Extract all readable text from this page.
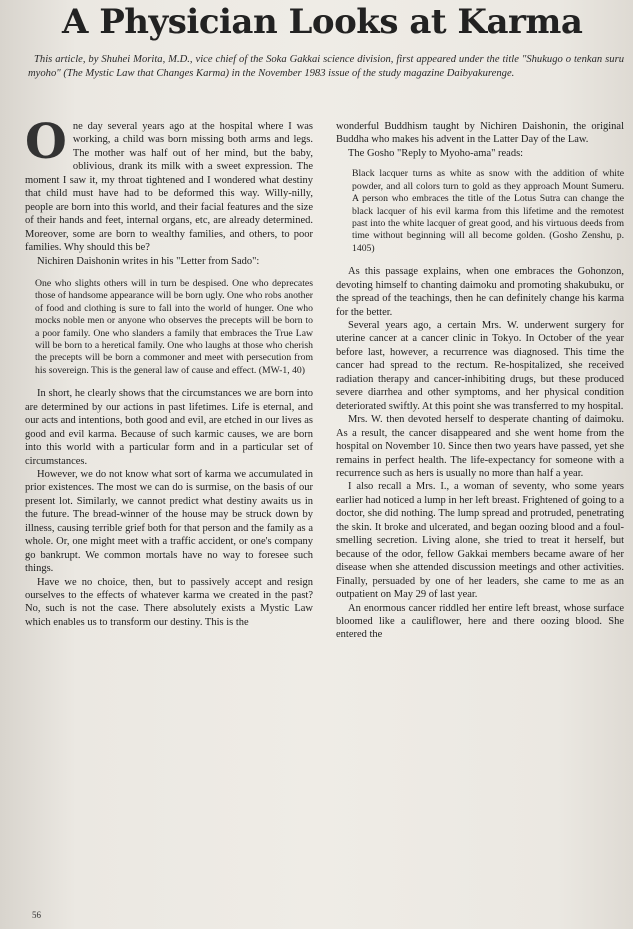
A Physician Looks at Karma

This article, by Shuhei Morita, M.D., vice chief of the Soka Gakkai science division, first appeared under the title "Shukugo o tenkan suru myoho" (The Mystic Law that Changes Karma) in the November 1983 issue of the study magazine Daibyakurenge.

One day several years ago at the hospital where I was working, a child was born missing both arms and legs. The mother was half out of her mind, but the baby, oblivious, drank its milk with a sweet expression. The moment I saw it, my throat tightened and I wondered what destiny that child must have had to be deformed this way. Willy-nilly, people are born into this world, and their facial features and the size of their hands and feet, internal organs, etc, are already determined. Moreover, some are born to wealthy families, and others, to poor families. Why should this be?

Nichiren Daishonin writes in his "Letter from Sado":

One who slights others will in turn be despised. One who deprecates those of handsome appearance will be born ugly. One who robs another of food and clothing is sure to fall into the world of hunger. One who mocks noble men or anyone who observes the precepts will be born to a poor family. One who slanders a family that embraces the True Law will be born to a heretical family. One who laughs at those who cherish the precepts will be born a commoner and meet with persecution from his sovereign. This is the general law of cause and effect. (MW-1, 40)

In short, he clearly shows that the circumstances we are born into are determined by our actions in past lifetimes. Life is eternal, and our acts and intentions, both good and evil, are etched in our lives as good and evil karma. Because of such karmic causes, we are born into this world with a particular form and in a particular set of circumstances.

However, we do not know what sort of karma we accumulated in prior existences. The most we can do is surmise, on the basis of our present lot. Similarly, we cannot predict what destiny awaits us in the future. The bread-winner of the house may be struck down by illness, causing terrible grief both for that person and the family as a whole. Or, one might meet with a traffic accident, or one's company go bankrupt. We common mortals have no way to foresee such things.

Have we no choice, then, but to passively accept and resign ourselves to the effects of whatever karma we created in the past? No, such is not the case. There absolutely exists a Mystic Law which enables us to transform our destiny. This is the

wonderful Buddhism taught by Nichiren Daishonin, the original Buddha who makes his advent in the Latter Day of the Law.

The Gosho "Reply to Myoho-ama" reads:

Black lacquer turns as white as snow with the addition of white powder, and all colors turn to gold as they approach Mount Sumeru. A person who embraces the title of the Lotus Sutra can change the black lacquer of his evil karma from this lifetime and the remotest past into the white lacquer of great good, and his virtuous deeds from time without beginning will all become golden. (Gosho Zenshu, p. 1405)

As this passage explains, when one embraces the Gohonzon, devoting himself to chanting daimoku and promoting shakubuku, or the spread of the teachings, then he can definitely change his karma for the better.

Several years ago, a certain Mrs. W. underwent surgery for uterine cancer at a cancer clinic in Tokyo. In October of the year before last, however, a recurrence was diagnosed. This time the cancer had spread to the rectum. Re-hospitalized, she received radiation therapy and cancer-inhibiting drugs, but these produced severe diarrhea and other symptoms, and her physical condition deteriorated swiftly. At this point she was transferred to my hospital.

Mrs. W. then devoted herself to desperate chanting of daimoku. As a result, the cancer disappeared and she went home from the hospital on November 10. Since then two years have passed, yet she remains in perfect health. The life-expectancy for someone with a recurrence such as hers is usually no more than half a year.

I also recall a Mrs. I., a woman of seventy, who some years earlier had noticed a lump in her left breast. Frightened of going to a doctor, she did nothing. The lump spread and protruded, penetrating the skin. It broke and ulcerated, and began oozing blood and a foul-smelling secretion. Living alone, she tried to treat it herself, but because of the odor, fellow Gakkai members became aware of her disease when she attended discussion meetings and other activities. Finally, persuaded by one of her leaders, she came to me as an outpatient on May 29 of last year.

An enormous cancer riddled her entire left breast, whose surface bloomed like a cauliflower, here and there oozing blood. She entered the

56
